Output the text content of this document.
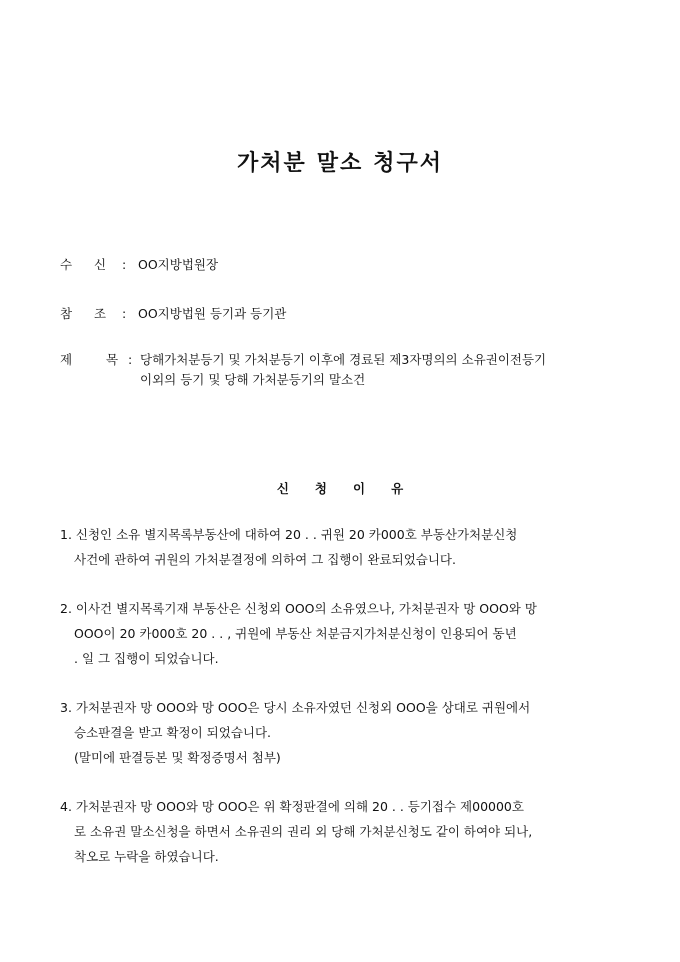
가처분 말소 청구서
수 신 : OO지방법원장
참 조 : OO지방법원 등기과 등기관
제	목 : 당해가처분등기 및 가처분등기 이후에 경료된 제3자명의의 소유권이전등기
이외의 등기 및 당해 가처분등기의 말소건
신 청 이 유
1. 신청인 소유 별지목록부동산에 대하여 20 . . 귀원 20 카000호 부동산가처분신청
사건에 관하여 귀원의 가처분결정에 의하여 그 집행이 완료되었습니다.
2. 이사건 별지목록기재 부동산은 신청외 OOO의 소유였으나, 가처분권자 망 OOO와 망
OOO이 20 카000호 20 . . , 귀원에 부동산 처분금지가처분신청이 인용되어 동년
. 일 그 집행이 되었습니다.
3. 가처분권자 망 OOO와 망 OOO은 당시 소유자였던 신청외 OOO을 상대로 귀원에서
승소판결을 받고 확정이 되었습니다.
(말미에 판결등본 및 확정증명서 첨부)
4. 가처분권자 망 OOO와 망 OOO은 위 확정판결에 의해 20 . . 등기접수 제00000호
로 소유권 말소신청을 하면서 소유권의 권리 외 당해 가처분신청도 같이 하여야 되나,
착오로 누락을 하였습니다.
